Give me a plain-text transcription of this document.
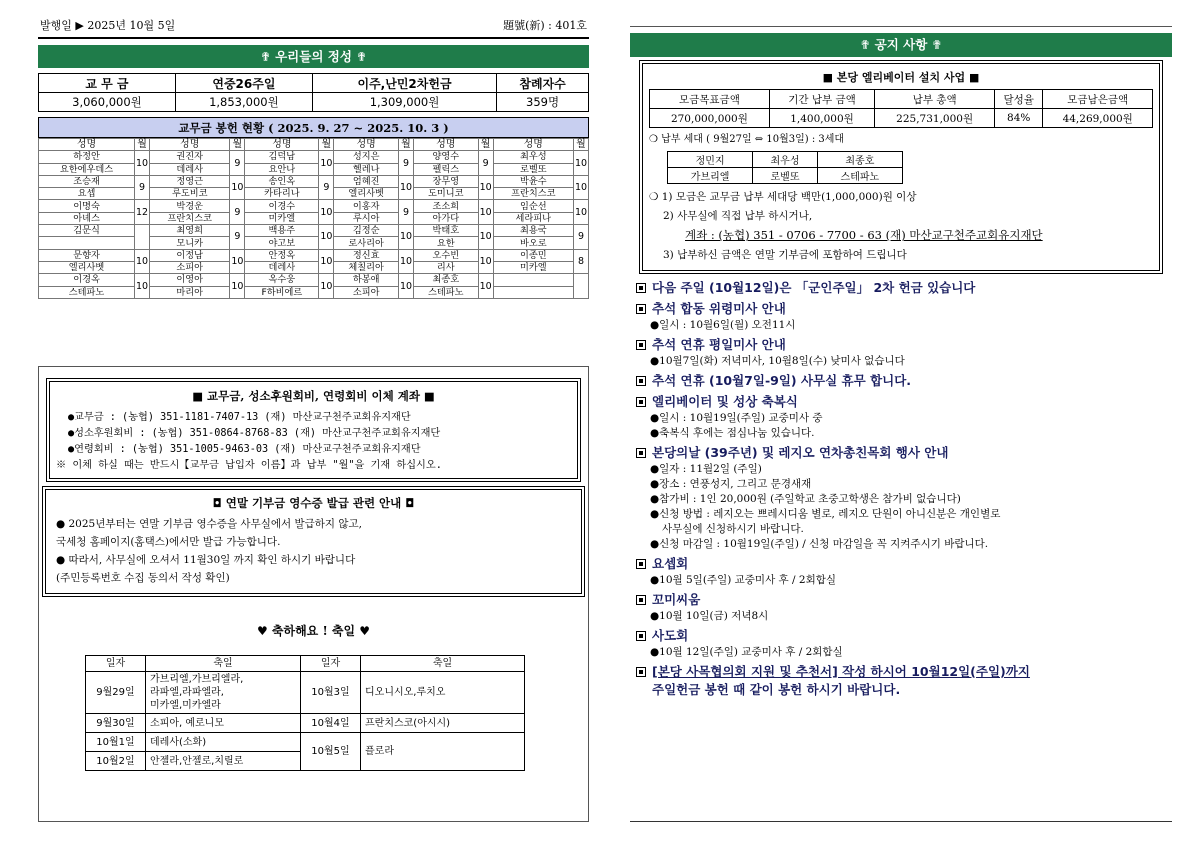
발행일 ▶ 2025년 10월 5일	題號(新) : 401호
✟ 우리들의 정성 ✟
교 무 금	연중26주일	이주,난민2차헌금	참례자수
3,060,000원	1,853,000원	1,309,000원	359명
교무금 봉헌 현황 ( 2025. 9. 27 ~ 2025. 10. 3 )
성명	월	성명	월	성명	월	성명	월	성명	월	성명	월
하정안	10	권진자	9	김덕남	10	성지은	9	양영수	9	최우성	10
요한에우데스		데레사		요안나		헬레나		펠릭스		로벨또	
조승재	9	정영근	10	송인옥	9	엄혜진	10	장무영	10	박윤수	10
요셉		루도비코		카타리나		엘리사벳		도미니코		프란치스코	
이명숙	12	박경운	9	이경수	10	이홍자	9	조소희	10	임순선	10
아녜스		프란치스코		미카엘		루시아		아가다		세라피나	
김문식		최영희	9	백용주	10	김정순	10	박태호	10	최용국	9
		모니카		야고보		로사리아		요한		바오로	
문향자	10	이정남	10	안정옥	10	정신효	10	오수빈	10	이종민	8
엘리사벳		소피아		데레사		체칠리아		리사		미카엘	
이경옥	10	이영아	10	옥수웅	10	하봉애	10	최종호	10		
스테파노		마리아		F하비에르		소피아		스테파노			
■ 교무금, 성소후원회비, 연령회비 이체 계좌 ■
●교무금 : (농협) 351-1181-7407-13 (재) 마산교구천주교회유지재단
●성소후원회비 : (농협) 351-0864-8768-83 (재) 마산교구천주교회유지재단
●연령회비 : (농협) 351-1005-9463-03 (재) 마산교구천주교회유지재단
※ 이체 하실 때는 반드시【교무금 납입자 이름】과 납부 "월"을 기재 하십시오.
◘ 연말 기부금 영수증 발급 관련 안내 ◘
● 2025년부터는 연말 기부금 영수증을 사무실에서 발급하지 않고,
국세청 홈페이지(홈택스)에서만 발급 가능합니다.
● 따라서, 사무실에 오셔서 11월30일 까지 확인 하시기 바랍니다
(주민등록번호 수집 동의서 작성 확인)
♥ 축하해요 ! 축일 ♥
일자	축일	일자	축일
9월29일	가브리엘,가브리엘라,
라파엘,라파엘라,
미카엘,미카엘라	10월3일	디오니시오,루치오
9월30일	소피아, 예로니모	10월4일	프란치스코(아시시)
10월1일	데레사(소화)	10월5일	플로라
10월2일	안젤라,안젤로,치릴로		
✟ 공지 사항 ✟
■ 본당 엘리베이터 설치 사업 ■
모금목표금액	기간 납부 금액	납부 총액	달성율	모금남은금액
270,000,000원	1,400,000원	225,731,000원	84%	44,269,000원
❍ 납부 세대 ( 9월27일 ⇔ 10월3일) : 3세대
정민지	최우성	최종호
가브리엘	로벨또	스테파노
❍ 1) 모금은 교무금 납부 세대당 백만(1,000,000)원 이상
2) 사무실에 직접 납부 하시거나,
계좌 : (농협) 351 - 0706 - 7700 - 63 (재) 마산교구천주교회유지재단
3) 납부하신 금액은 연말 기부금에 포함하여 드립니다
다음 주일 (10월12일)은 「군인주일」 2차 헌금 있습니다
추석 합동 위령미사 안내
●일시 : 10월6일(월) 오전11시
추석 연휴 평일미사 안내
●10월7일(화) 저녁미사, 10월8일(수) 낮미사 없습니다
추석 연휴 (10월7일-9일) 사무실 휴무 합니다.
엘리베이터 및 성상 축복식
●일시 : 10월19일(주일) 교중미사 중
●축복식 후에는 점심나눔 있습니다.
본당의날 (39주년) 및 레지오 연차총친목회 행사 안내
●일자 : 11월2일 (주일)
●장소 : 연풍성지, 그리고 문경새재
●참가비 : 1인 20,000원 (주일학교 초중고학생은 참가비 없습니다)
●신청 방법 : 레지오는 쁘레시디움 별로, 레지오 단원이 아니신분은 개인별로
사무실에 신청하시기 바랍니다.
●신청 마감일 : 10월19일(주일) / 신청 마감일을 꼭 지켜주시기 바랍니다.
요셉회
●10월 5일(주일) 교중미사 후 / 2회합실
꼬미씨움
●10월 10일(금) 저녁8시
사도회
●10월 12일(주일) 교중미사 후 / 2회합실
[본당 사목협의회 지원 및 추천서] 작성 하시어 10월12일(주일)까지
주일헌금 봉헌 때 같이 봉헌 하시기 바랍니다.
